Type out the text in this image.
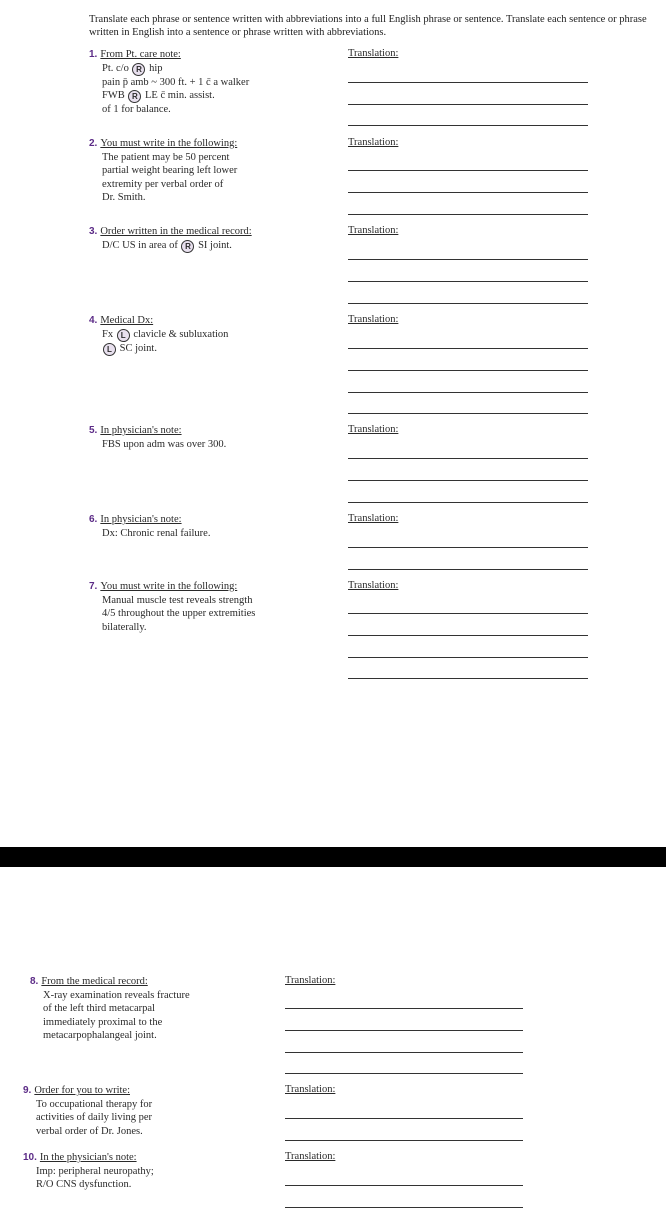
Translate each phrase or sentence written with abbreviations into a full English phrase or sentence. Translate each sentence or phrase written in English into a sentence or phrase written with abbreviations.
1. From Pt. care note:
Pt. c/o R hip
pain p̄ amb ~ 300 ft. + 1 c̄ a walker
FWB R LE c̄ min. assist.
of 1 for balance.
Translation:
2. You must write in the following:
The patient may be 50 percent
partial weight bearing left lower
extremity per verbal order of
Dr. Smith.
Translation:
3. Order written in the medical record:
D/C US in area of R SI joint.
Translation:
4. Medical Dx:
Fx L clavicle & subluxation
L SC joint.
Translation:
5. In physician's note:
FBS upon adm was over 300.
Translation:
6. In physician's note:
Dx: Chronic renal failure.
Translation:
7. You must write in the following:
Manual muscle test reveals strength
4/5 throughout the upper extremities
bilaterally.
Translation:
8. From the medical record:
X-ray examination reveals fracture
of the left third metacarpal
immediately proximal to the
metacarpophalangeal joint.
Translation:
9. Order for you to write:
To occupational therapy for
activities of daily living per
verbal order of Dr. Jones.
Translation:
10. In the physician's note:
Imp: peripheral neuropathy;
R/O CNS dysfunction.
Translation:
